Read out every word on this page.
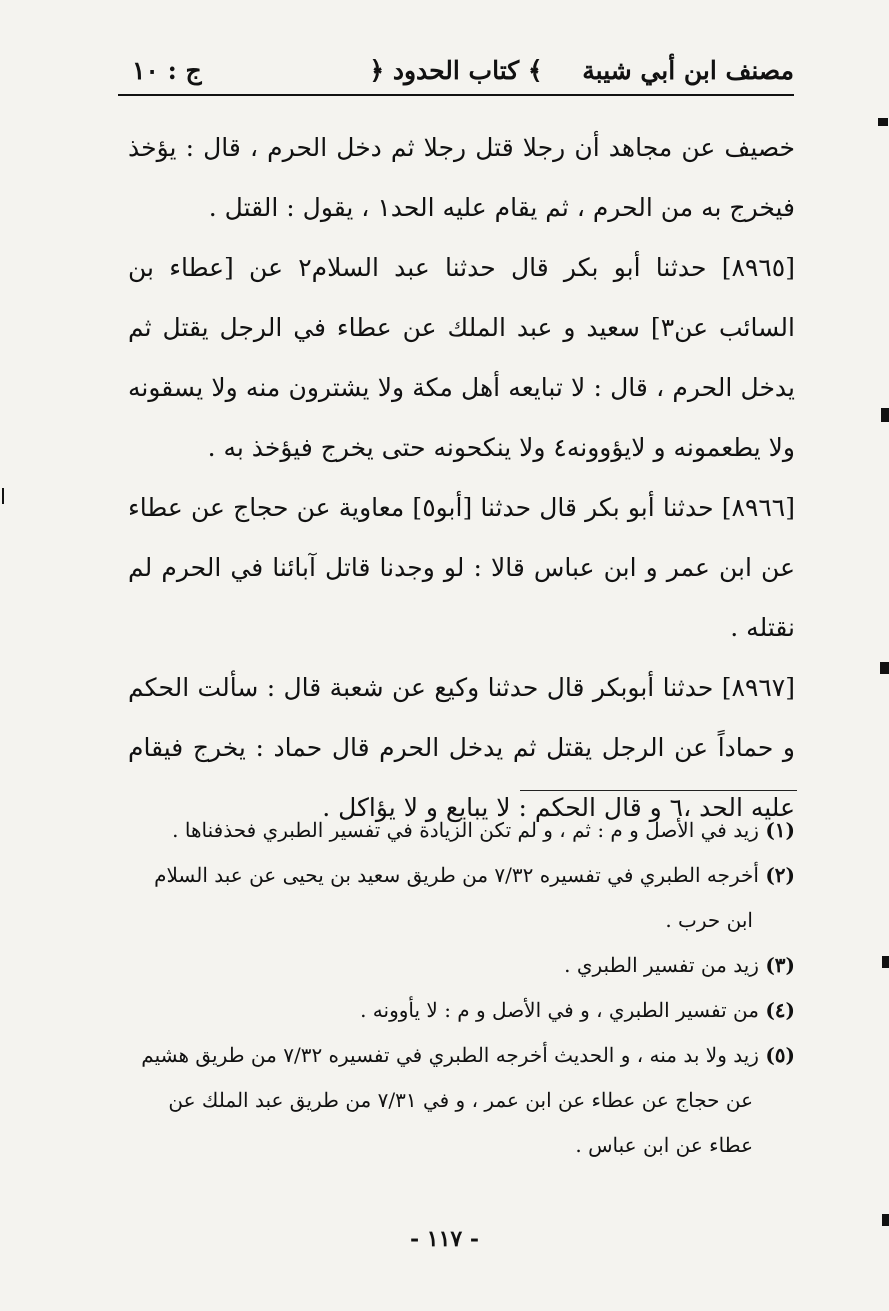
مصنف ابن أبي شيبة
﴿ كتاب الحدود ﴾
ج : ١٠

خصيف عن مجاهد أن رجلا قتل رجلا ثم دخل الحرم ، قال : يؤخذ فيخرج به من الحرم ، ثم يقام عليه الحد١ ، يقول : القتل .

[٨٩٦٥] حدثنا أبو بكر قال حدثنا عبد السلام٢ عن [عطاء بن السائب عن٣] سعيد و عبد الملك عن عطاء في الرجل يقتل ثم يدخل الحرم ، قال : لا تبايعه أهل مكة ولا يشترون منه ولا يسقونه ولا يطعمونه و لايؤوونه٤ ولا ينكحونه حتى يخرج فيؤخذ به .

[٨٩٦٦] حدثنا أبو بكر قال حدثنا [أبو٥] معاوية عن حجاج عن عطاء عن ابن عمر و ابن عباس قالا : لو وجدنا قاتل آبائنا في الحرم لم نقتله .

[٨٩٦٧] حدثنا أبوبكر قال حدثنا وكيع عن شعبة قال : سألت الحكم و حماداً عن الرجل يقتل ثم يدخل الحرم قال حماد : يخرج فيقام عليه الحد ،٦ و قال الحكم : لا يبايع و لا يؤاكل .

(١) زيد في الأصل و م : ثم ، و لم تكن الزيادة في تفسير الطبري فحذفناها .

(٢) أخرجه الطبري في تفسيره ٧/٣٢ من طريق سعيد بن يحيى عن عبد السلام
ابن حرب .

(٣) زيد من تفسير الطبري .

(٤) من تفسير الطبري ، و في الأصل و م : لا يأوونه .

(٥) زيد ولا بد منه ، و الحديث أخرجه الطبري في تفسيره ٧/٣٢ من طريق هشيم
عن حجاج عن عطاء عن ابن عمر ، و في ٧/٣١ من طريق عبد الملك عن عطاء عن ابن عباس .

- ١١٧ -
